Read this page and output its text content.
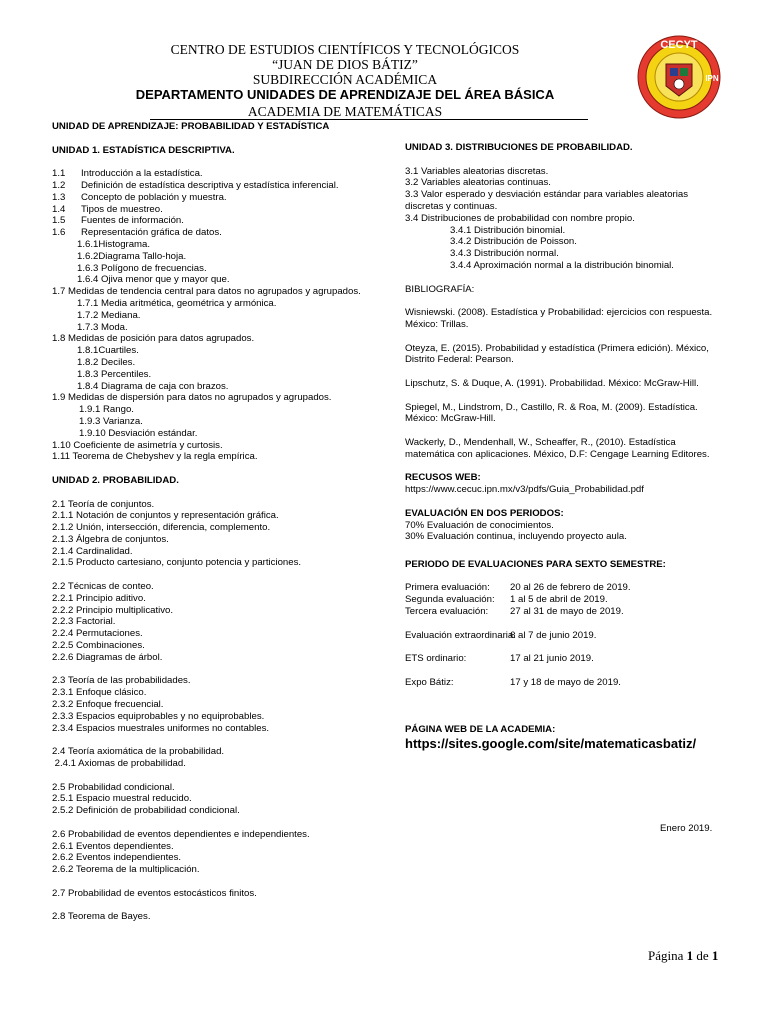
CENTRO DE ESTUDIOS CIENTÍFICOS Y TECNOLÓGICOS
“JUAN DE DIOS BÁTIZ”
SUBDIRECCIÓN ACADÉMICA
DEPARTAMENTO UNIDADES DE APRENDIZAJE DEL ÁREA BÁSICA
ACADEMIA DE MATEMÁTICAS
CECYT
IPN
UNIDAD DE APRENDIZAJE: PROBABILIDAD Y ESTADÍSTICA
UNIDAD 1. ESTADÍSTICA DESCRIPTIVA.
1.1 Introducción a la estadística.
1.2 Definición de estadística descriptiva y estadística inferencial.
1.3 Concepto de población y muestra.
1.4 Tipos de muestreo.
1.5 Fuentes de información.
1.6 Representación gráfica de datos.
1.6.1Histograma.
1.6.2Diagrama Tallo-hoja.
1.6.3 Polígono de frecuencias.
1.6.4 Ojiva menor que y mayor que.
1.7 Medidas de tendencia central para datos no agrupados y agrupados.
1.7.1 Media aritmética, geométrica y armónica.
1.7.2 Mediana.
1.7.3 Moda.
1.8 Medidas de posición para datos agrupados.
1.8.1Cuartiles.
1.8.2 Deciles.
1.8.3 Percentiles.
1.8.4 Diagrama de caja con brazos.
1.9 Medidas de dispersión para datos no agrupados y agrupados.
1.9.1 Rango.
1.9.3 Varianza.
1.9.10 Desviación estándar.
1.10 Coeficiente de asimetría y curtosis.
1.11 Teorema de Chebyshev y la regla empírica.
UNIDAD 2. PROBABILIDAD.
2.1 Teoría de conjuntos.
2.1.1 Notación de conjuntos y representación gráfica.
2.1.2 Unión, intersección, diferencia, complemento.
2.1.3 Álgebra de conjuntos.
2.1.4 Cardinalidad.
2.1.5 Producto cartesiano, conjunto potencia y particiones.
2.2 Técnicas de conteo.
2.2.1 Principio aditivo.
2.2.2 Principio multiplicativo.
2.2.3 Factorial.
2.2.4 Permutaciones.
2.2.5 Combinaciones.
2.2.6 Diagramas de árbol.
2.3 Teoría de las probabilidades.
2.3.1 Enfoque clásico.
2.3.2 Enfoque frecuencial.
2.3.3 Espacios equiprobables y no equiprobables.
2.3.4 Espacios muestrales uniformes no contables.
2.4 Teoría axiomática de la probabilidad.
2.4.1 Axiomas de probabilidad.
2.5 Probabilidad condicional.
2.5.1 Espacio muestral reducido.
2.5.2 Definición de probabilidad condicional.
2.6 Probabilidad de eventos dependientes e independientes.
2.6.1 Eventos dependientes.
2.6.2 Eventos independientes.
2.6.2 Teorema de la multiplicación.
2.7 Probabilidad de eventos estocásticos finitos.
2.8 Teorema de Bayes.
UNIDAD 3. DISTRIBUCIONES DE PROBABILIDAD.
3.1 Variables aleatorias discretas.
3.2 Variables aleatorias continuas.
3.3 Valor esperado y desviación estándar para variables aleatorias discretas y continuas.
3.4 Distribuciones de probabilidad con nombre propio.
3.4.1 Distribución binomial.
3.4.2 Distribución de Poisson.
3.4.3 Distribución normal.
3.4.4 Aproximación normal a la distribución binomial.
BIBLIOGRAFÍA:
Wisniewski. (2008). Estadística y Probabilidad: ejercicios con respuesta. México: Trillas.
Oteyza, E. (2015). Probabilidad y estadística (Primera edición). México, Distrito Federal: Pearson.
Lipschutz, S. & Duque, A. (1991). Probabilidad. México: McGraw-Hill.
Spiegel, M., Lindstrom, D., Castillo, R. & Roa, M. (2009). Estadística. México: McGraw-Hill.
Wackerly, D., Mendenhall, W., Scheaffer, R., (2010). Estadística matemática con aplicaciones. México, D.F: Cengage Learning Editores.
RECUSOS WEB:
https://www.cecuc.ipn.mx/v3/pdfs/Guia_Probabilidad.pdf
EVALUACIÓN EN DOS PERIODOS:
70% Evaluación de conocimientos.
30% Evaluación continua, incluyendo proyecto aula.
PERIODO DE EVALUACIONES PARA SEXTO SEMESTRE:
Primera evaluación:	20 al 26 de febrero de 2019.
Segunda evaluación:	1 al 5 de abril de 2019.
Tercera evaluación:	27 al 31 de mayo de 2019.
Evaluación extraordinaria:
6 al 7 de junio 2019.
ETS ordinario:	17 al 21 junio 2019.
Expo Bátiz:	17 y 18 de mayo de 2019.
PÁGINA WEB DE LA ACADEMIA:
https://sites.google.com/site/matematicasbatiz/
Enero 2019.
Página 1 de 1
